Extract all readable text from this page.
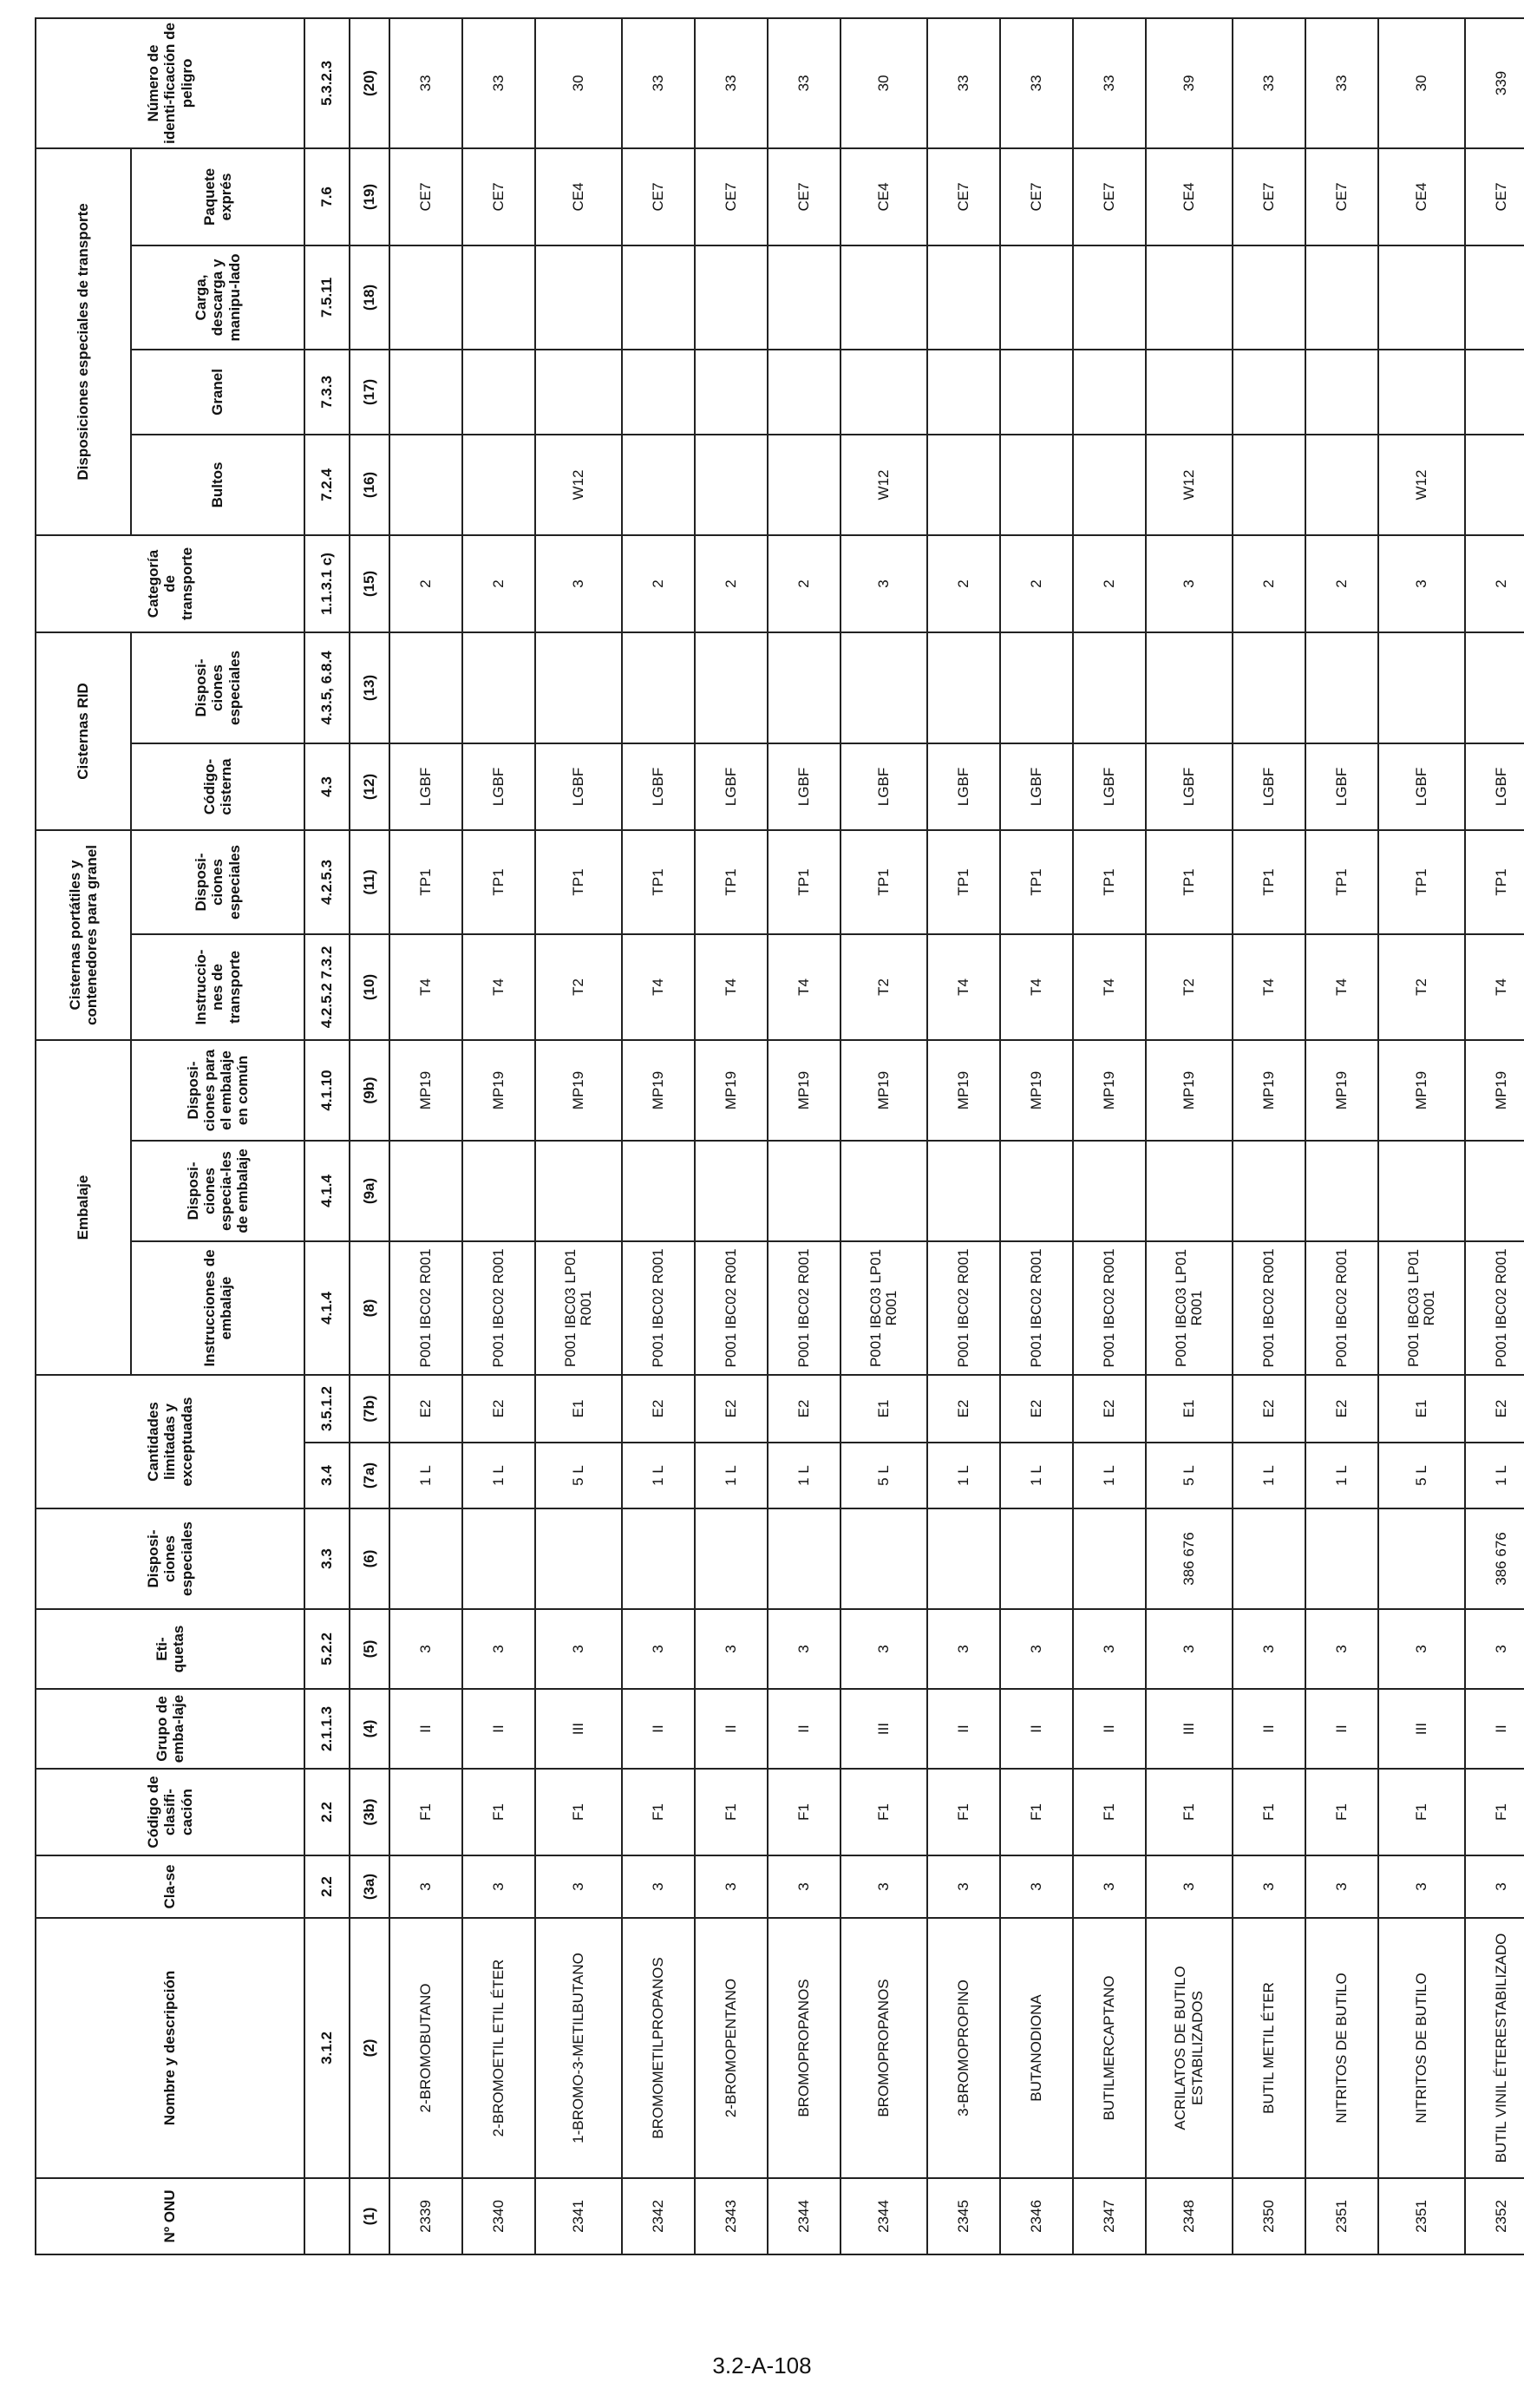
Nº ONU	Nombre y descripción	Cla-se	Código de clasifi-cación	Grupo de emba-laje	Eti-quetas	Disposi-ciones especiales	Cantidades limitadas y exceptuadas		Embalaje			Cisternas portátiles y contenedores para granel		Cisternas RID		Categoría de transporte	Disposiciones especiales de transporte				Número de identi-ficación de peligro
									Instrucciones de embalaje	Disposi-ciones especia-les de embalaje	Disposi-ciones para el embalaje en común	Instruccio-nes de transporte	Disposi-ciones especiales	Código-cisterna	Disposi-ciones especiales		Bultos	Granel	Carga, descarga y manipu-lado	Paquete exprés	
	3.1.2	2.2	2.2	2.1.1.3	5.2.2	3.3	3.4	3.5.1.2	4.1.4	4.1.4	4.1.10	4.2.5.2 7.3.2	4.2.5.3	4.3	4.3.5, 6.8.4	1.1.3.1 c)	7.2.4	7.3.3	7.5.11	7.6	5.3.2.3
(1)	(2)	(3a)	(3b)	(4)	(5)	(6)	(7a)	(7b)	(8)	(9a)	(9b)	(10)	(11)	(12)	(13)	(15)	(16)	(17)	(18)	(19)	(20)
2339	2-BROMOBUTANO	3	F1	II	3		1 L	E2	P001 IBC02 R001		MP19	T4	TP1	LGBF		2				CE7	33
2340	2-BROMOETIL ETIL ÉTER	3	F1	II	3		1 L	E2	P001 IBC02 R001		MP19	T4	TP1	LGBF		2				CE7	33
2341	1-BROMO-3-METILBUTANO	3	F1	III	3		5 L	E1	P001 IBC03 LP01 R001		MP19	T2	TP1	LGBF		3	W12			CE4	30
2342	BROMOMETILPROPANOS	3	F1	II	3		1 L	E2	P001 IBC02 R001		MP19	T4	TP1	LGBF		2				CE7	33
2343	2-BROMOPENTANO	3	F1	II	3		1 L	E2	P001 IBC02 R001		MP19	T4	TP1	LGBF		2				CE7	33
2344	BROMOPROPANOS	3	F1	II	3		1 L	E2	P001 IBC02 R001		MP19	T4	TP1	LGBF		2				CE7	33
2344	BROMOPROPANOS	3	F1	III	3		5 L	E1	P001 IBC03 LP01 R001		MP19	T2	TP1	LGBF		3	W12			CE4	30
2345	3-BROMOPROPINO	3	F1	II	3		1 L	E2	P001 IBC02 R001		MP19	T4	TP1	LGBF		2				CE7	33
2346	BUTANODIONA	3	F1	II	3		1 L	E2	P001 IBC02 R001		MP19	T4	TP1	LGBF		2				CE7	33
2347	BUTILMERCAPTANO	3	F1	II	3		1 L	E2	P001 IBC02 R001		MP19	T4	TP1	LGBF		2				CE7	33
2348	ACRILATOS DE BUTILO ESTABILIZADOS	3	F1	III	3	386 676	5 L	E1	P001 IBC03 LP01 R001		MP19	T2	TP1	LGBF		3	W12			CE4	39
2350	BUTIL METIL ÉTER	3	F1	II	3		1 L	E2	P001 IBC02 R001		MP19	T4	TP1	LGBF		2				CE7	33
2351	NITRITOS DE BUTILO	3	F1	II	3		1 L	E2	P001 IBC02 R001		MP19	T4	TP1	LGBF		2				CE7	33
2351	NITRITOS DE BUTILO	3	F1	III	3		5 L	E1	P001 IBC03 LP01 R001		MP19	T2	TP1	LGBF		3	W12			CE4	30
2352	BUTIL VINIL ÉTERESTABILIZADO	3	F1	II	3	386 676	1 L	E2	P001 IBC02 R001		MP19	T4	TP1	LGBF		2				CE7	339
3.2-A-108
